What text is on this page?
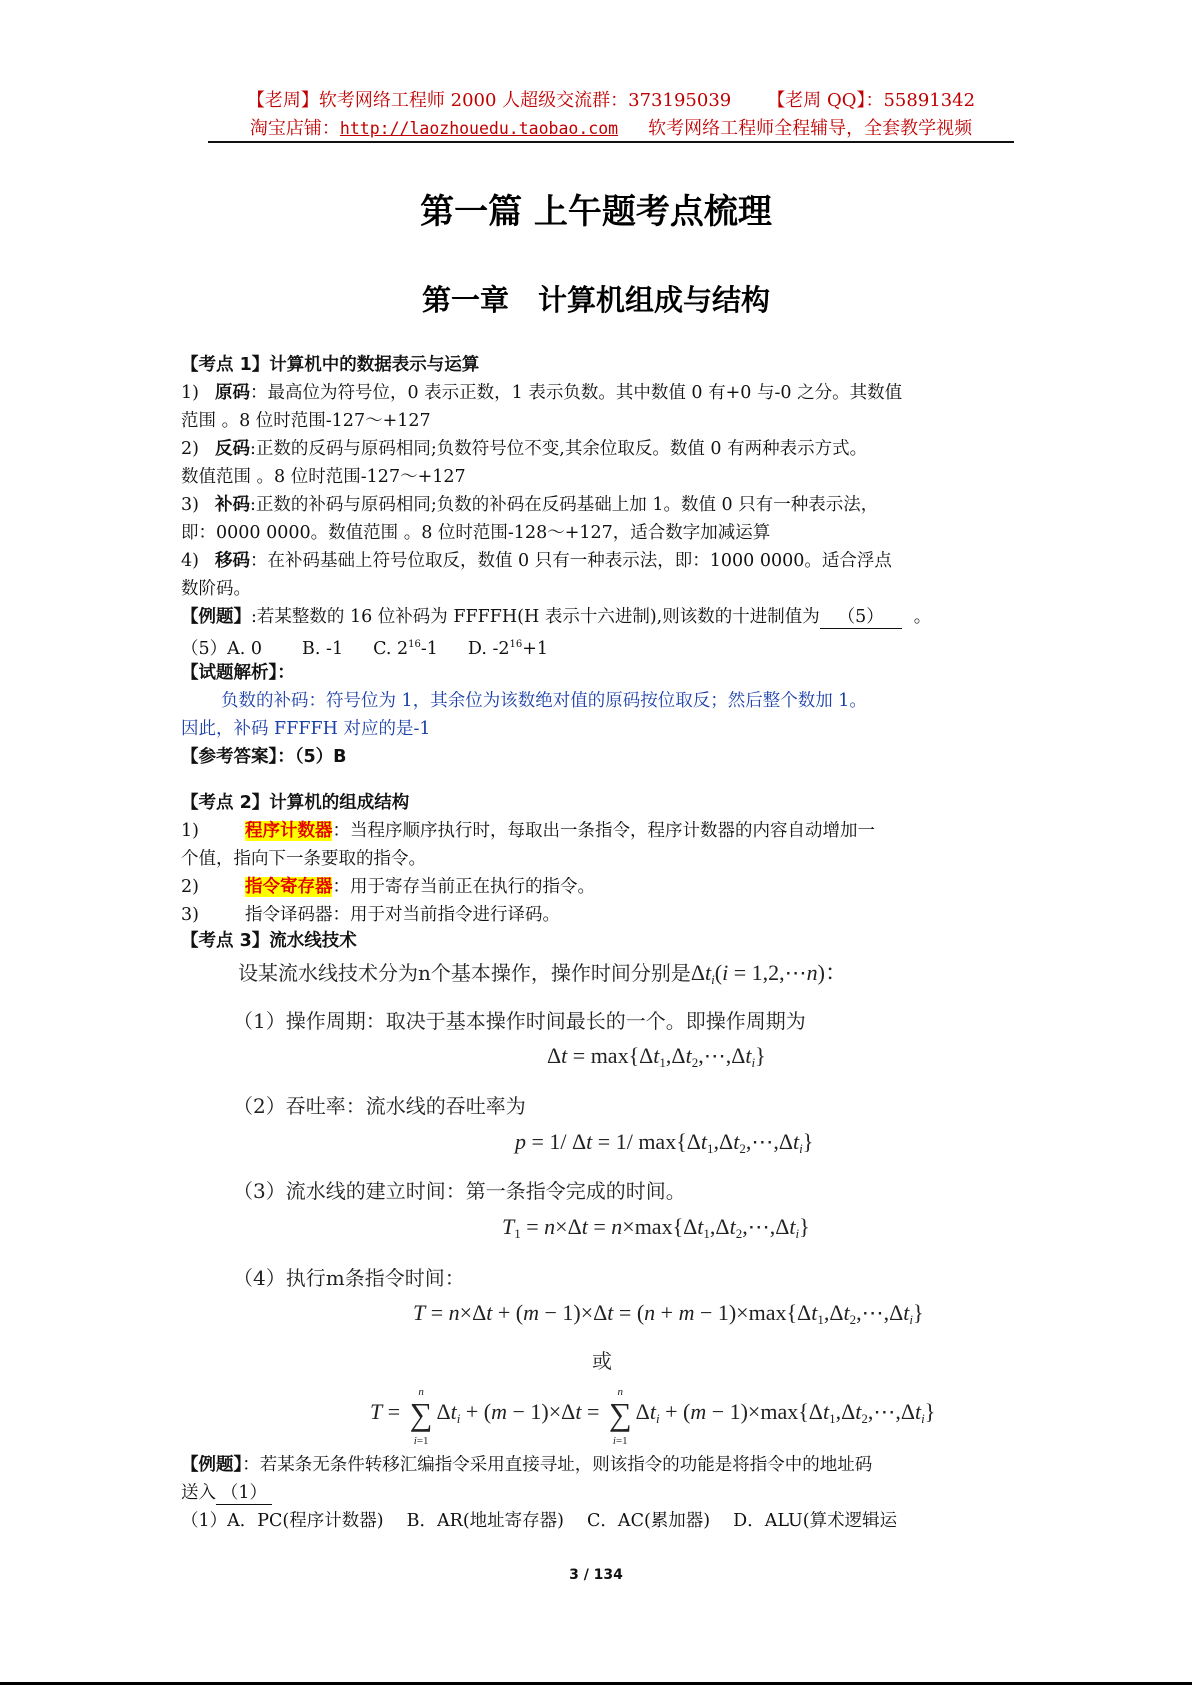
【老周】软考网络工程师 2000 人超级交流群：373195039 【老周 QQ】：55891342
淘宝店铺：http://laozhouedu.taobao.com 软考网络工程师全程辅导，全套教学视频
第一篇 上午题考点梳理
第一章　计算机组成与结构
【考点 1】计算机中的数据表示与运算
1) 原码：最高位为符号位，0 表示正数，1 表示负数。其中数值 0 有+0 与-0 之分。其数值
范围 。8 位时范围-127～+127
2) 反码:正数的反码与原码相同;负数符号位不变,其余位取反。数值 0 有两种表示方式。
数值范围 。8 位时范围-127～+127
3) 补码:正数的补码与原码相同;负数的补码在反码基础上加 1。数值 0 只有一种表示法，
即：0000 0000。数值范围 。8 位时范围-128～+127，适合数字加减运算
4) 移码：在补码基础上符号位取反，数值 0 只有一种表示法，即：1000 0000。适合浮点
数阶码。
【例题】:若某整数的 16 位补码为 FFFFH(H 表示十六进制),则该数的十进制值为 （5） 。
（5）A. 0 B. -1 C. $2^{16}-1$ D. $-2^{16}+1$
【试题解析】：
负数的补码：符号位为 1，其余位为该数绝对值的原码按位取反；然后整个数加 1。
因此，补码 FFFFH 对应的是-1
【参考答案】：（5）B
【考点 2】计算机的组成结构
1)	程序计数器：当程序顺序执行时，每取出一条指令，程序计数器的内容自动增加一
个值，指向下一条要取的指令。
2)	指令寄存器：用于寄存当前正在执行的指令。
3)	指令译码器：用于对当前指令进行译码。
【考点 3】流水线技术
设某流水线技术分为n个基本操作，操作时间分别是$\Delta t_i(i$ = 1,2,⋯n)：
（1）操作周期：取决于基本操作时间最长的一个。即操作周期为
$\Delta t = \max\{\Delta t_1,\Delta t_2,\cdots,\Delta t_i\}$
（2）吞吐率：流水线的吞吐率为
p = 1/ Δt = 1/ $\max\{\Delta t_1,\Delta t_2,\cdots,\Delta t_i\}$
（3）流水线的建立时间：第一条指令完成的时间。
$T_1 = n\times\Delta t$ = $n\times\max\{\Delta t_1,\Delta t_2,\cdots,\Delta t_i\}$
（4）执行m条指令时间：
$T = n\times\Delta t + (m - 1)\times\Delta t = (n + m - 1)\times\max\{\Delta t_1,\Delta t_2,\cdots,\Delta t_i\}$
或
T = ∑
n
i=1
$\Delta t_i + (m - 1)\times\Delta t$ = ∑
n
i=1
$\Delta t_i + (m$ − $1)\times\max\{\Delta t_1,\Delta t_2,\cdots,\Delta t_i\}$
【例题】：若某条无条件转移汇编指令采用直接寻址，则该指令的功能是将指令中的地址码
送入 （1）
（1）A．PC(程序计数器)　 B．AR(地址寄存器)　 C．AC(累加器)　 D．ALU(算术逻辑运
3 / 134
